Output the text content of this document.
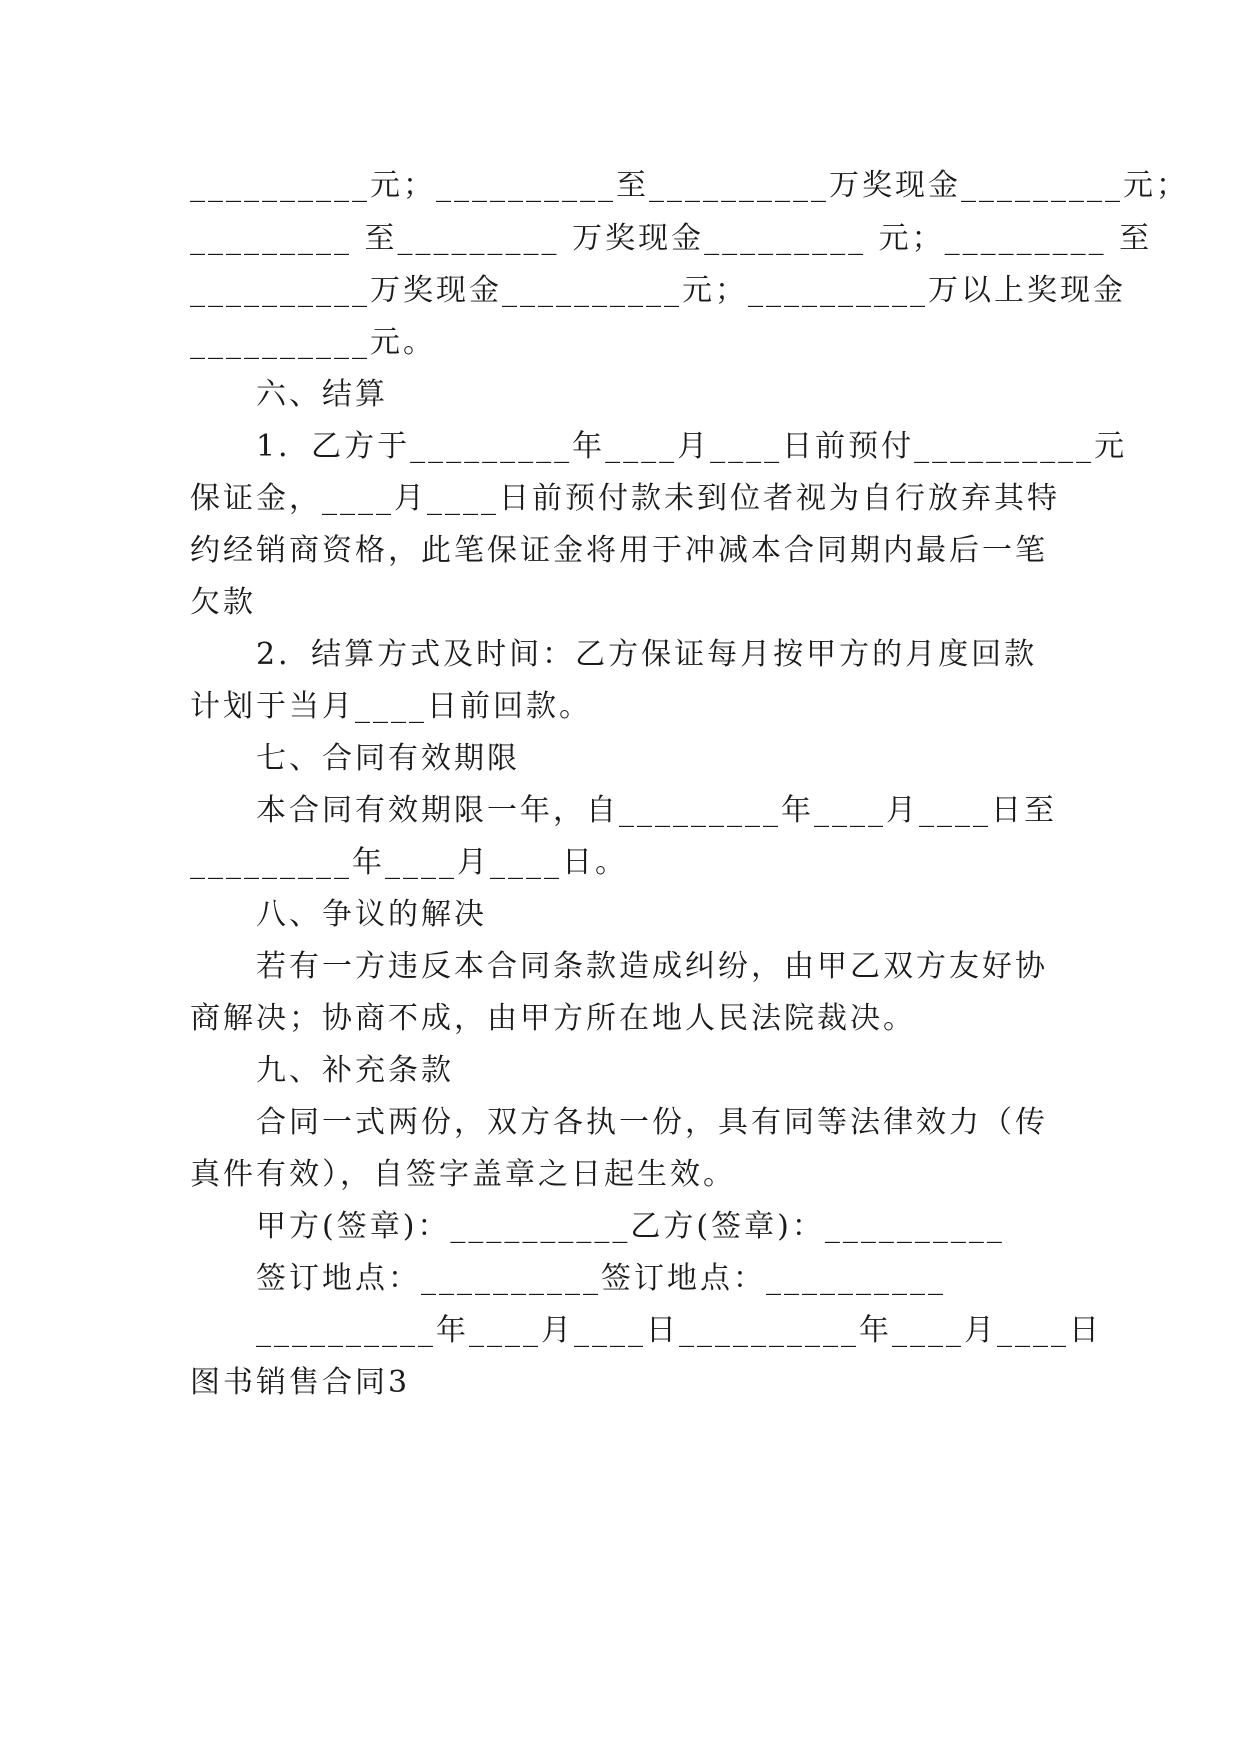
__________元；__________至__________万奖现金_________元；
_________ 至_________ 万奖现金_________ 元；_________ 至
__________万奖现金__________元；__________万以上奖现金
__________元。
六、结算
1．乙方于_________年____月____日前预付__________元
保证金，____月____日前预付款未到位者视为自行放弃其特
约经销商资格，此笔保证金将用于冲减本合同期内最后一笔
欠款
2．结算方式及时间：乙方保证每月按甲方的月度回款
计划于当月____日前回款。
七、合同有效期限
本合同有效期限一年，自_________年____月____日至
_________年____月____日。
八、争议的解决
若有一方违反本合同条款造成纠纷，由甲乙双方友好协
商解决；协商不成，由甲方所在地人民法院裁决。
九、补充条款
合同一式两份，双方各执一份，具有同等法律效力（传
真件有效），自签字盖章之日起生效。
甲方(签章)：__________乙方(签章)：__________
签订地点：__________签订地点：__________
__________年____月____日__________年____月____日
图书销售合同3
